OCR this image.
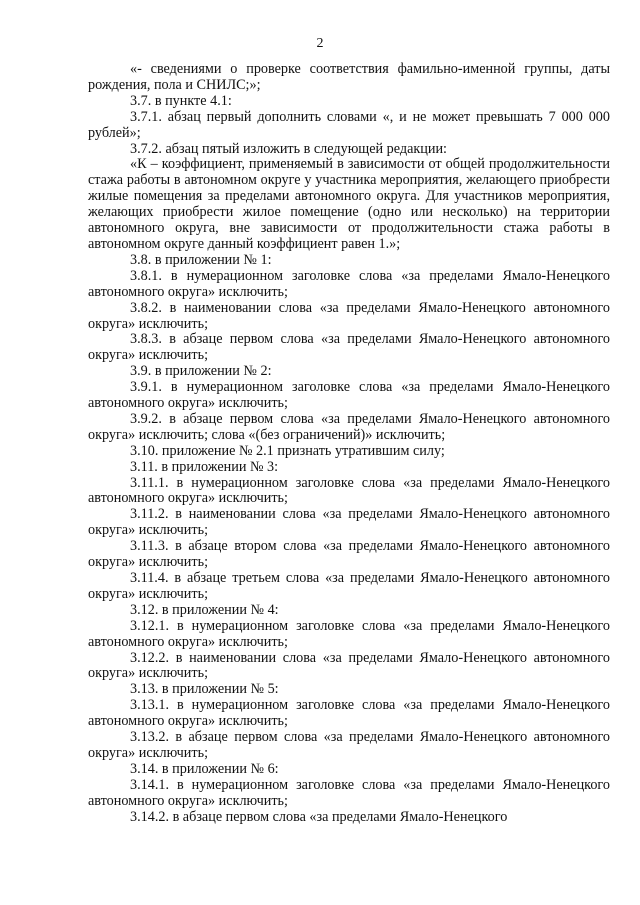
2

«- сведениями о проверке соответствия фамильно-именной группы, даты рождения, пола и СНИЛС;»;

3.7. в пункте 4.1:

3.7.1. абзац первый дополнить словами «, и не может превышать 7 000 000 рублей»;

3.7.2. абзац пятый изложить в следующей редакции:

«К – коэффициент, применяемый в зависимости от общей продолжительности стажа работы в автономном округе у участника мероприятия, желающего приобрести жилые помещения за пределами автономного округа. Для участников мероприятия, желающих приобрести жилое помещение (одно или несколько) на территории автономного округа, вне зависимости от продолжительности стажа работы в автономном округе данный коэффициент равен 1.»;

3.8. в приложении № 1:

3.8.1. в нумерационном заголовке слова «за пределами Ямало-Ненецкого автономного округа» исключить;

3.8.2. в наименовании слова «за пределами Ямало-Ненецкого автономного округа» исключить;

3.8.3. в абзаце первом слова «за пределами Ямало-Ненецкого автономного округа» исключить;

3.9. в приложении № 2:

3.9.1. в нумерационном заголовке слова «за пределами Ямало-Ненецкого автономного округа» исключить;

3.9.2. в абзаце первом слова «за пределами Ямало-Ненецкого автономного округа» исключить; слова «(без ограничений)» исключить;

3.10. приложение № 2.1 признать утратившим силу;

3.11. в приложении № 3:

3.11.1. в нумерационном заголовке слова «за пределами Ямало-Ненецкого автономного округа» исключить;

3.11.2. в наименовании слова «за пределами Ямало-Ненецкого автономного округа» исключить;

3.11.3. в абзаце втором слова «за пределами Ямало-Ненецкого автономного округа» исключить;

3.11.4. в абзаце третьем слова «за пределами Ямало-Ненецкого автономного округа» исключить;

3.12. в приложении № 4:

3.12.1. в нумерационном заголовке слова «за пределами Ямало-Ненецкого автономного округа» исключить;

3.12.2. в наименовании слова «за пределами Ямало-Ненецкого автономного округа» исключить;

3.13. в приложении № 5:

3.13.1. в нумерационном заголовке слова «за пределами Ямало-Ненецкого автономного округа» исключить;

3.13.2. в абзаце первом слова «за пределами Ямало-Ненецкого автономного округа» исключить;

3.14. в приложении № 6:

3.14.1. в нумерационном заголовке слова «за пределами Ямало-Ненецкого автономного округа» исключить;

3.14.2. в абзаце первом слова «за пределами Ямало-Ненецкого
